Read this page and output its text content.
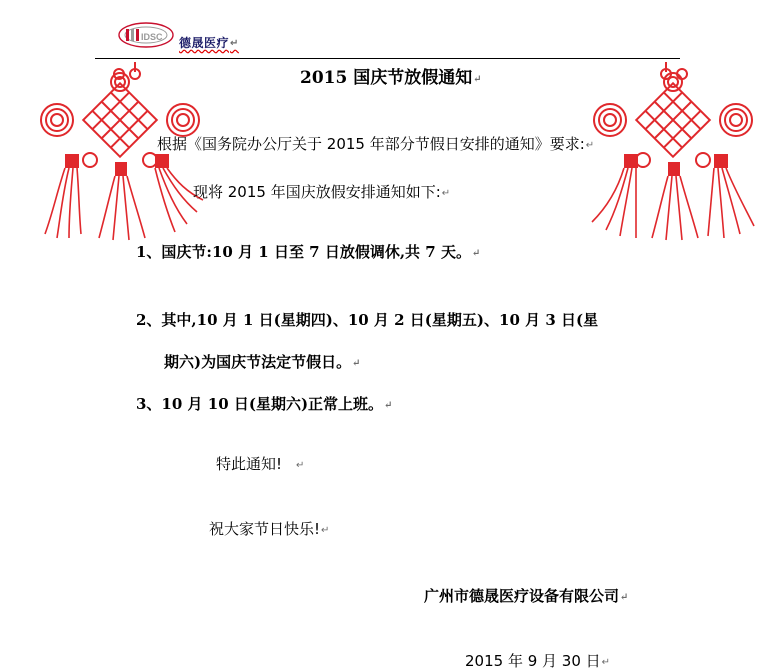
IDSC 德晟医疗↵
2015 国庆节放假通知↵
根据《国务院办公厅关于 2015 年部分节假日安排的通知》要求:↵
现将 2015 年国庆放假安排通知如下:↵
1、国庆节:10 月 1 日至 7 日放假调休,共 7 天。↵
2、其中,10 月 1 日(星期四)、10 月 2 日(星期五)、10 月 3 日(星
期六)为国庆节法定节假日。↵
3、10 月 10 日(星期六)正常上班。↵
特此通知! ↵
祝大家节日快乐!↵
广州市德晟医疗设备有限公司↵
2015 年 9 月 30 日↵
